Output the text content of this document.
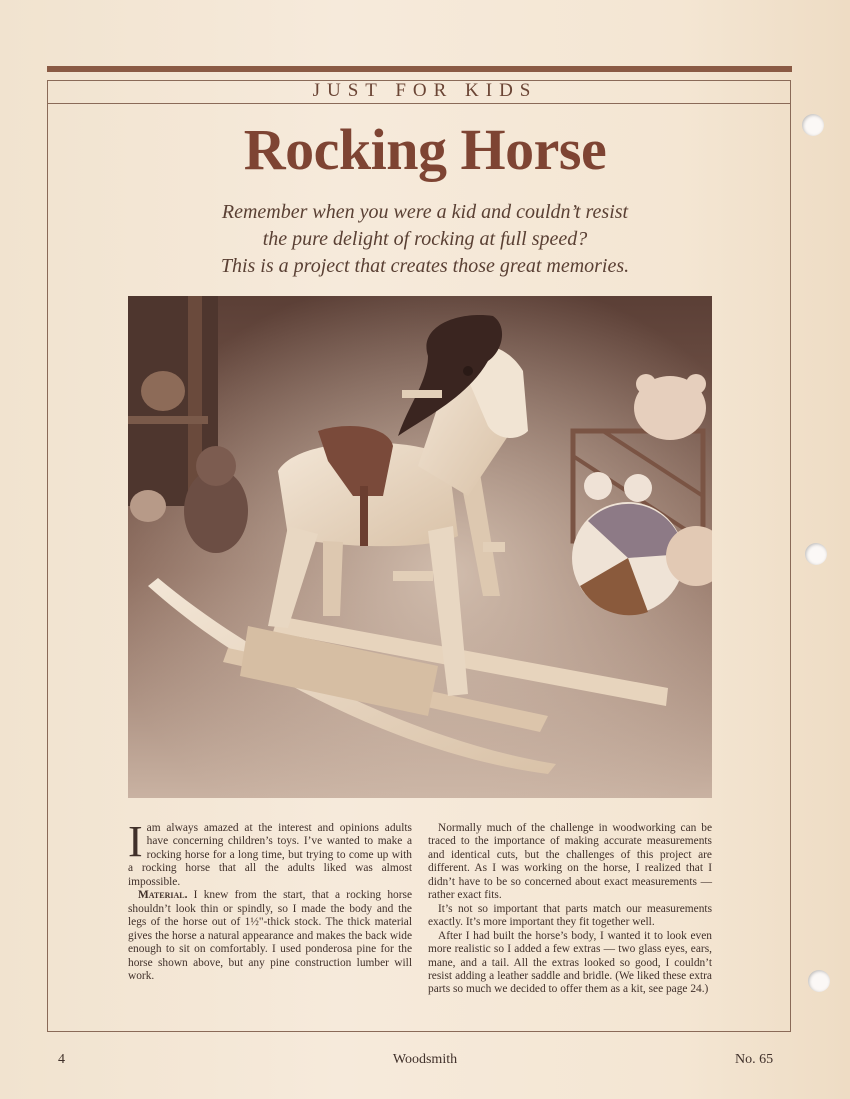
JUST FOR KIDS
Rocking Horse
Remember when you were a kid and couldn’t resist
the pure delight of rocking at full speed?
This is a project that creates those great memories.

Iam always amazed at the interest and opinions adults have concerning children’s toys. I’ve wanted to make a rocking horse for a long time, but trying to come up with a rocking horse that all the adults liked was almost impossible.

Material. I knew from the start, that a rocking horse shouldn’t look thin or spindly, so I made the body and the legs of the horse out of 1½"-thick stock. The thick material gives the horse a natural appearance and makes the back wide enough to sit on comfortably. I used ponderosa pine for the horse shown above, but any pine construction lumber will work.

Normally much of the challenge in woodworking can be traced to the importance of making accurate measurements and identical cuts, but the challenges of this project are different. As I was working on the horse, I realized that I didn’t have to be so concerned about exact measurements — rather exact fits.

It’s not so important that parts match our measurements exactly. It’s more important they fit together well.

After I had built the horse’s body, I wanted it to look even more realistic so I added a few extras — two glass eyes, ears, mane, and a tail. All the extras looked so good, I couldn’t resist adding a leather saddle and bridle. (We liked these extra parts so much we decided to offer them as a kit, see page 24.)

4	Woodsmith	No. 65
